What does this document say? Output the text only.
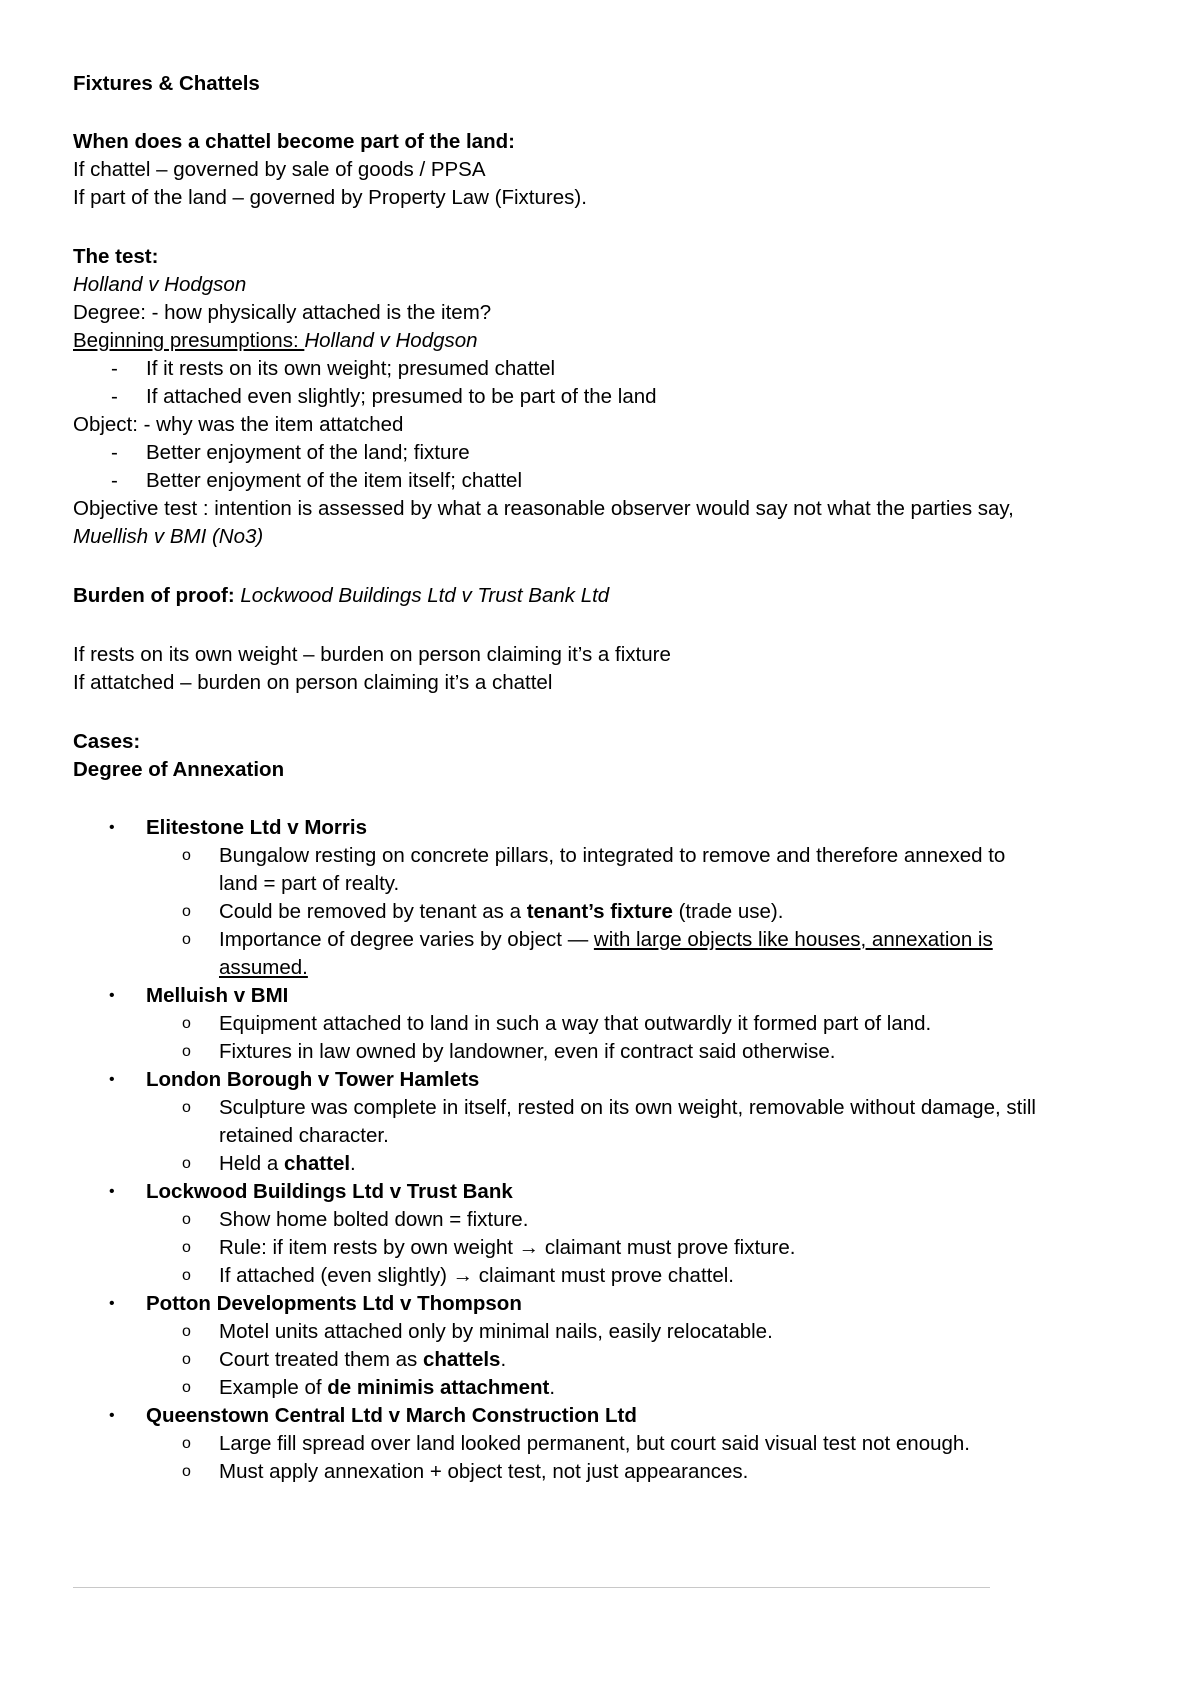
Fixtures & Chattels
When does a chattel become part of the land:
If chattel – governed by sale of goods / PPSA
If part of the land – governed by Property Law (Fixtures).
The test:
Holland v Hodgson
Degree: - how physically attached is the item?
Beginning presumptions: Holland v Hodgson
- If it rests on its own weight; presumed chattel
- If attached even slightly; presumed to be part of the land
Object: - why was the item attatched
- Better enjoyment of the land; fixture
- Better enjoyment of the item itself; chattel
Objective test : intention is assessed by what a reasonable observer would say not what the parties say,
Muellish v BMI (No3)
Burden of proof: Lockwood Buildings Ltd v Trust Bank Ltd
If rests on its own weight – burden on person claiming it’s a fixture
If attatched – burden on person claiming it’s a chattel
Cases:
Degree of Annexation
• Elitestone Ltd v Morris
o Bungalow resting on concrete pillars, to integrated to remove and therefore annexed to
land = part of realty.
o Could be removed by tenant as a tenant’s fixture (trade use).
o Importance of degree varies by object — with large objects like houses, annexation is
assumed.
• Melluish v BMI
o Equipment attached to land in such a way that outwardly it formed part of land.
o Fixtures in law owned by landowner, even if contract said otherwise.
• London Borough v Tower Hamlets
o Sculpture was complete in itself, rested on its own weight, removable without damage, still
retained character.
o Held a chattel.
• Lockwood Buildings Ltd v Trust Bank
o Show home bolted down = fixture.
o Rule: if item rests by own weight → claimant must prove fixture.
o If attached (even slightly) → claimant must prove chattel.
• Potton Developments Ltd v Thompson
o Motel units attached only by minimal nails, easily relocatable.
o Court treated them as chattels.
o Example of de minimis attachment.
• Queenstown Central Ltd v March Construction Ltd
o Large fill spread over land looked permanent, but court said visual test not enough.
o Must apply annexation + object test, not just appearances.
